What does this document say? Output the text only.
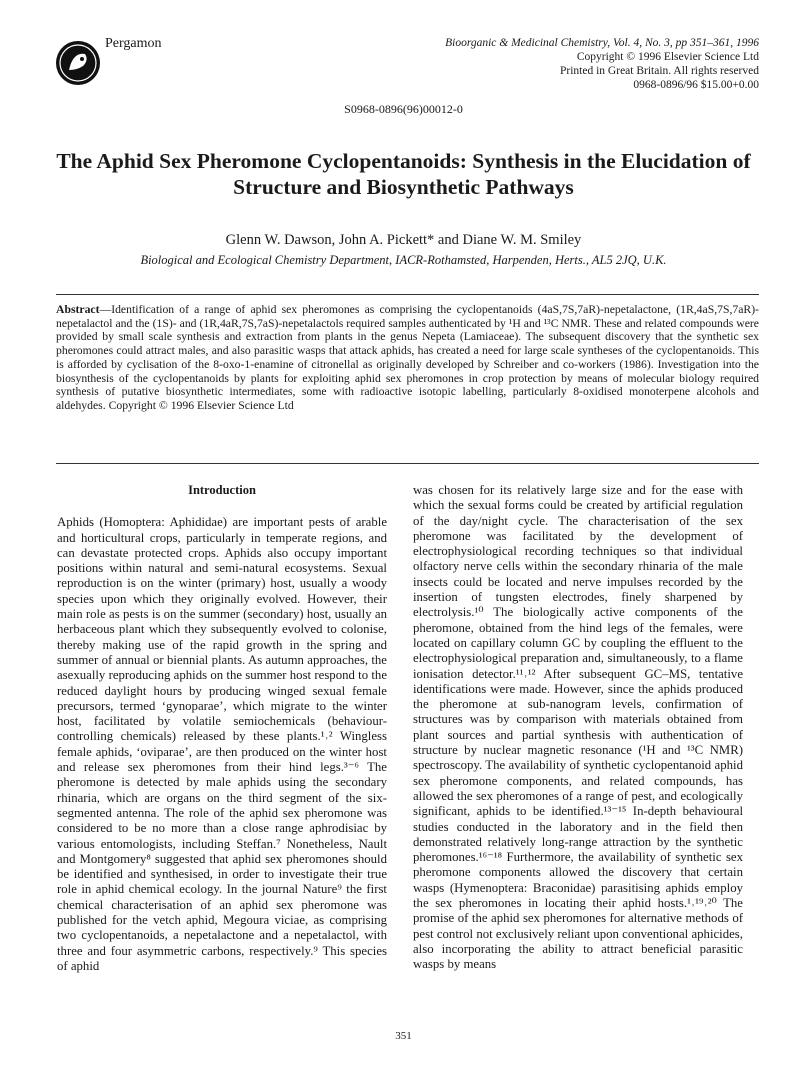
Pergamon	Bioorganic & Medicinal Chemistry, Vol. 4, No. 3, pp 351–361, 1996
Copyright © 1996 Elsevier Science Ltd
Printed in Great Britain. All rights reserved
0968-0896/96 $15.00+0.00
S0968-0896(96)00012-0
The Aphid Sex Pheromone Cyclopentanoids: Synthesis in the Elucidation of Structure and Biosynthetic Pathways
Glenn W. Dawson, John A. Pickett* and Diane W. M. Smiley
Biological and Ecological Chemistry Department, IACR-Rothamsted, Harpenden, Herts., AL5 2JQ, U.K.
Abstract—Identification of a range of aphid sex pheromones as comprising the cyclopentanoids (4aS,7S,7aR)-nepetalactone, (1R,4aS,7S,7aR)-nepetalactol and the (1S)- and (1R,4aR,7S,7aS)-nepetalactols required samples authenticated by ¹H and ¹³C NMR. These and related compounds were provided by small scale synthesis and extraction from plants in the genus Nepeta (Lamiaceae). The subsequent discovery that the synthetic sex pheromones could attract males, and also parasitic wasps that attack aphids, has created a need for large scale syntheses of the cyclopentanoids. This is afforded by cyclisation of the 8-oxo-1-enamine of citronellal as originally developed by Schreiber and co-workers (1986). Investigation into the biosynthesis of the cyclopentanoids by plants for exploiting aphid sex pheromones in crop protection by means of molecular biology required synthesis of putative biosynthetic intermediates, some with radioactive isotopic labelling, particularly 8-oxidised monoterpene alcohols and aldehydes. Copyright © 1996 Elsevier Science Ltd
Introduction

Aphids (Homoptera: Aphididae) are important pests of arable and horticultural crops, particularly in temperate regions, and can devastate protected crops. Aphids also occupy important positions within natural and semi-natural ecosystems. Sexual reproduction is on the winter (primary) host, usually a woody species upon which they originally evolved. However, their main role as pests is on the summer (secondary) host, usually an herbaceous plant which they subsequently evolved to colonise, thereby making use of the rapid growth in the spring and summer of annual or biennial plants. As autumn approaches, the asexually reproducing aphids on the summer host respond to the reduced daylight hours by producing winged sexual female precursors, termed ‘gynoparae’, which migrate to the winter host, facilitated by volatile semiochemicals (behaviour-controlling chemicals) released by these plants.¹˒² Wingless female aphids, ‘oviparae’, are then produced on the winter host and release sex pheromones from their hind legs.³⁻⁶ The pheromone is detected by male aphids using the secondary rhinaria, which are organs on the third segment of the six-segmented antenna. The role of the aphid sex pheromone was considered to be no more than a close range aphrodisiac by various entomologists, including Steffan.⁷ Nonetheless, Nault and Montgomery⁸ suggested that aphid sex pheromones should be identified and synthesised, in order to investigate their true role in aphid chemical ecology. In the journal Nature⁹ the first chemical characterisation of an aphid sex pheromone was published for the vetch aphid, Megoura viciae, as comprising two cyclopentanoids, a nepetalactone and a nepetalactol, with three and four asymmetric carbons, respectively.⁹ This species of aphid

was chosen for its relatively large size and for the ease with which the sexual forms could be created by artificial regulation of the day/night cycle. The characterisation of the sex pheromone was facilitated by the development of electrophysiological recording techniques so that individual olfactory nerve cells within the secondary rhinaria of the male insects could be located and nerve impulses recorded by the insertion of tungsten electrodes, finely sharpened by electrolysis.¹⁰ The biologically active components of the pheromone, obtained from the hind legs of the females, were located on capillary column GC by coupling the effluent to the electrophysiological preparation and, simultaneously, to a flame ionisation detector.¹¹˒¹² After subsequent GC–MS, tentative identifications were made. However, since the aphids produced the pheromone at sub-nanogram levels, confirmation of structures was by comparison with materials obtained from plant sources and partial synthesis with authentication of structure by nuclear magnetic resonance (¹H and ¹³C NMR) spectroscopy. The availability of synthetic cyclopentanoid aphid sex pheromone components, and related compounds, has allowed the sex pheromones of a range of pest, and ecologically significant, aphids to be identified.¹³⁻¹⁵ In-depth behavioural studies conducted in the laboratory and in the field then demonstrated relatively long-range attraction by the synthetic pheromones.¹⁶⁻¹⁸ Furthermore, the availability of synthetic sex pheromone components allowed the discovery that certain wasps (Hymenoptera: Braconidae) parasitising aphids employ the sex pheromones in locating their aphid hosts.¹˒¹⁹˒²⁰ The promise of the aphid sex pheromones for alternative methods of pest control not exclusively reliant upon conventional aphicides, also incorporating the ability to attract beneficial parasitic wasps by means

351
